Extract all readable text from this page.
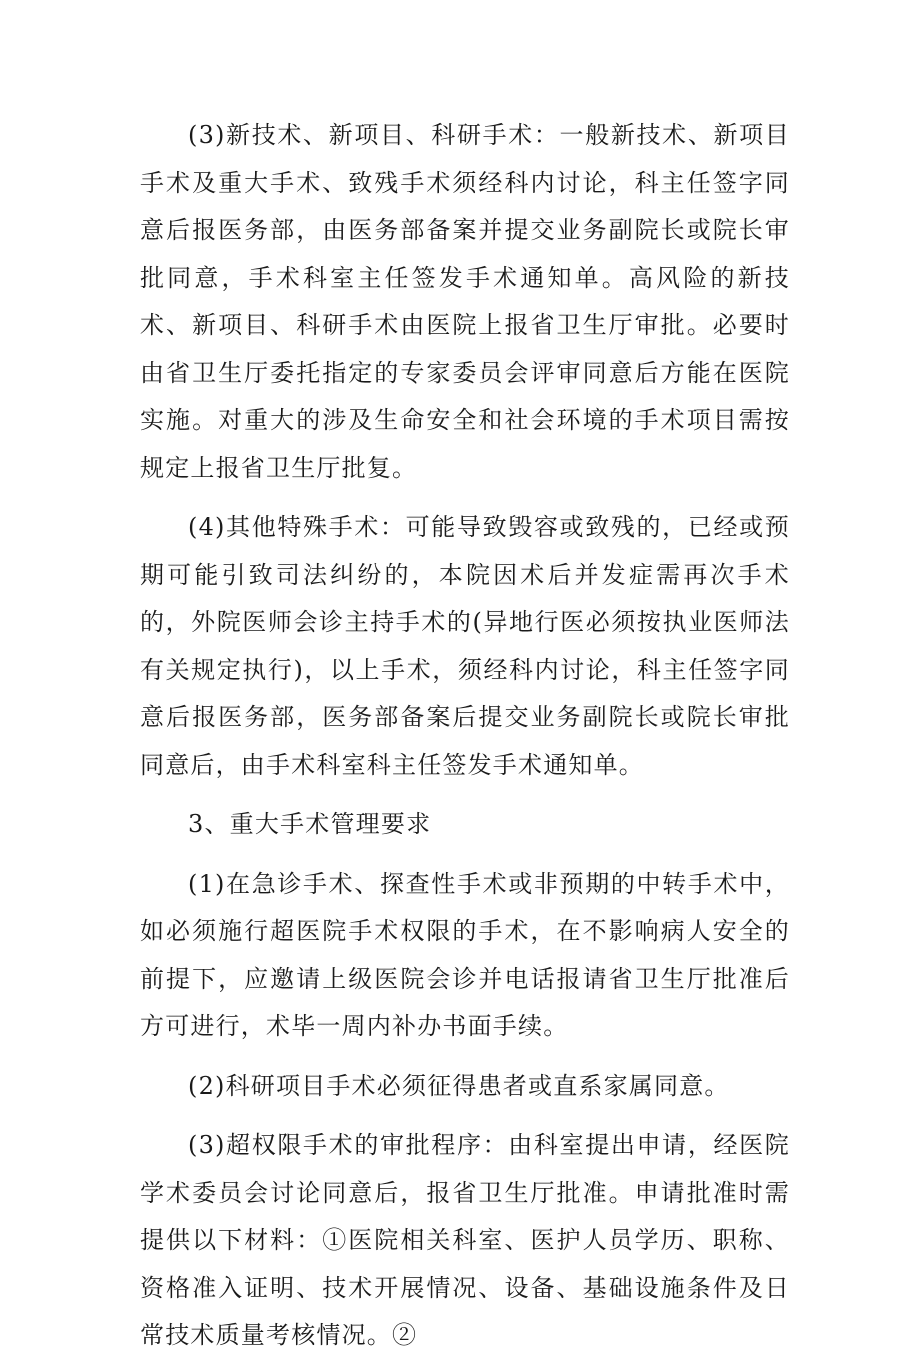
(3)新技术、新项目、科研手术：一般新技术、新项目手术及重大手术、致残手术须经科内讨论，科主任签字同意后报医务部，由医务部备案并提交业务副院长或院长审批同意，手术科室主任签发手术通知单。高风险的新技术、新项目、科研手术由医院上报省卫生厅审批。必要时由省卫生厅委托指定的专家委员会评审同意后方能在医院实施。对重大的涉及生命安全和社会环境的手术项目需按规定上报省卫生厅批复。

(4)其他特殊手术：可能导致毁容或致残的，已经或预期可能引致司法纠纷的，本院因术后并发症需再次手术的，外院医师会诊主持手术的(异地行医必须按执业医师法有关规定执行)，以上手术，须经科内讨论，科主任签字同意后报医务部，医务部备案后提交业务副院长或院长审批同意后，由手术科室科主任签发手术通知单。

3、重大手术管理要求

(1)在急诊手术、探查性手术或非预期的中转手术中，如必须施行超医院手术权限的手术，在不影响病人安全的前提下，应邀请上级医院会诊并电话报请省卫生厅批准后方可进行，术毕一周内补办书面手续。

(2)科研项目手术必须征得患者或直系家属同意。

(3)超权限手术的审批程序：由科室提出申请，经医院学术委员会讨论同意后，报省卫生厅批准。申请批准时需提供以下材料：①医院相关科室、医护人员学历、职称、资格准入证明、技术开展情况、设备、基础设施条件及日常技术质量考核情况。②
